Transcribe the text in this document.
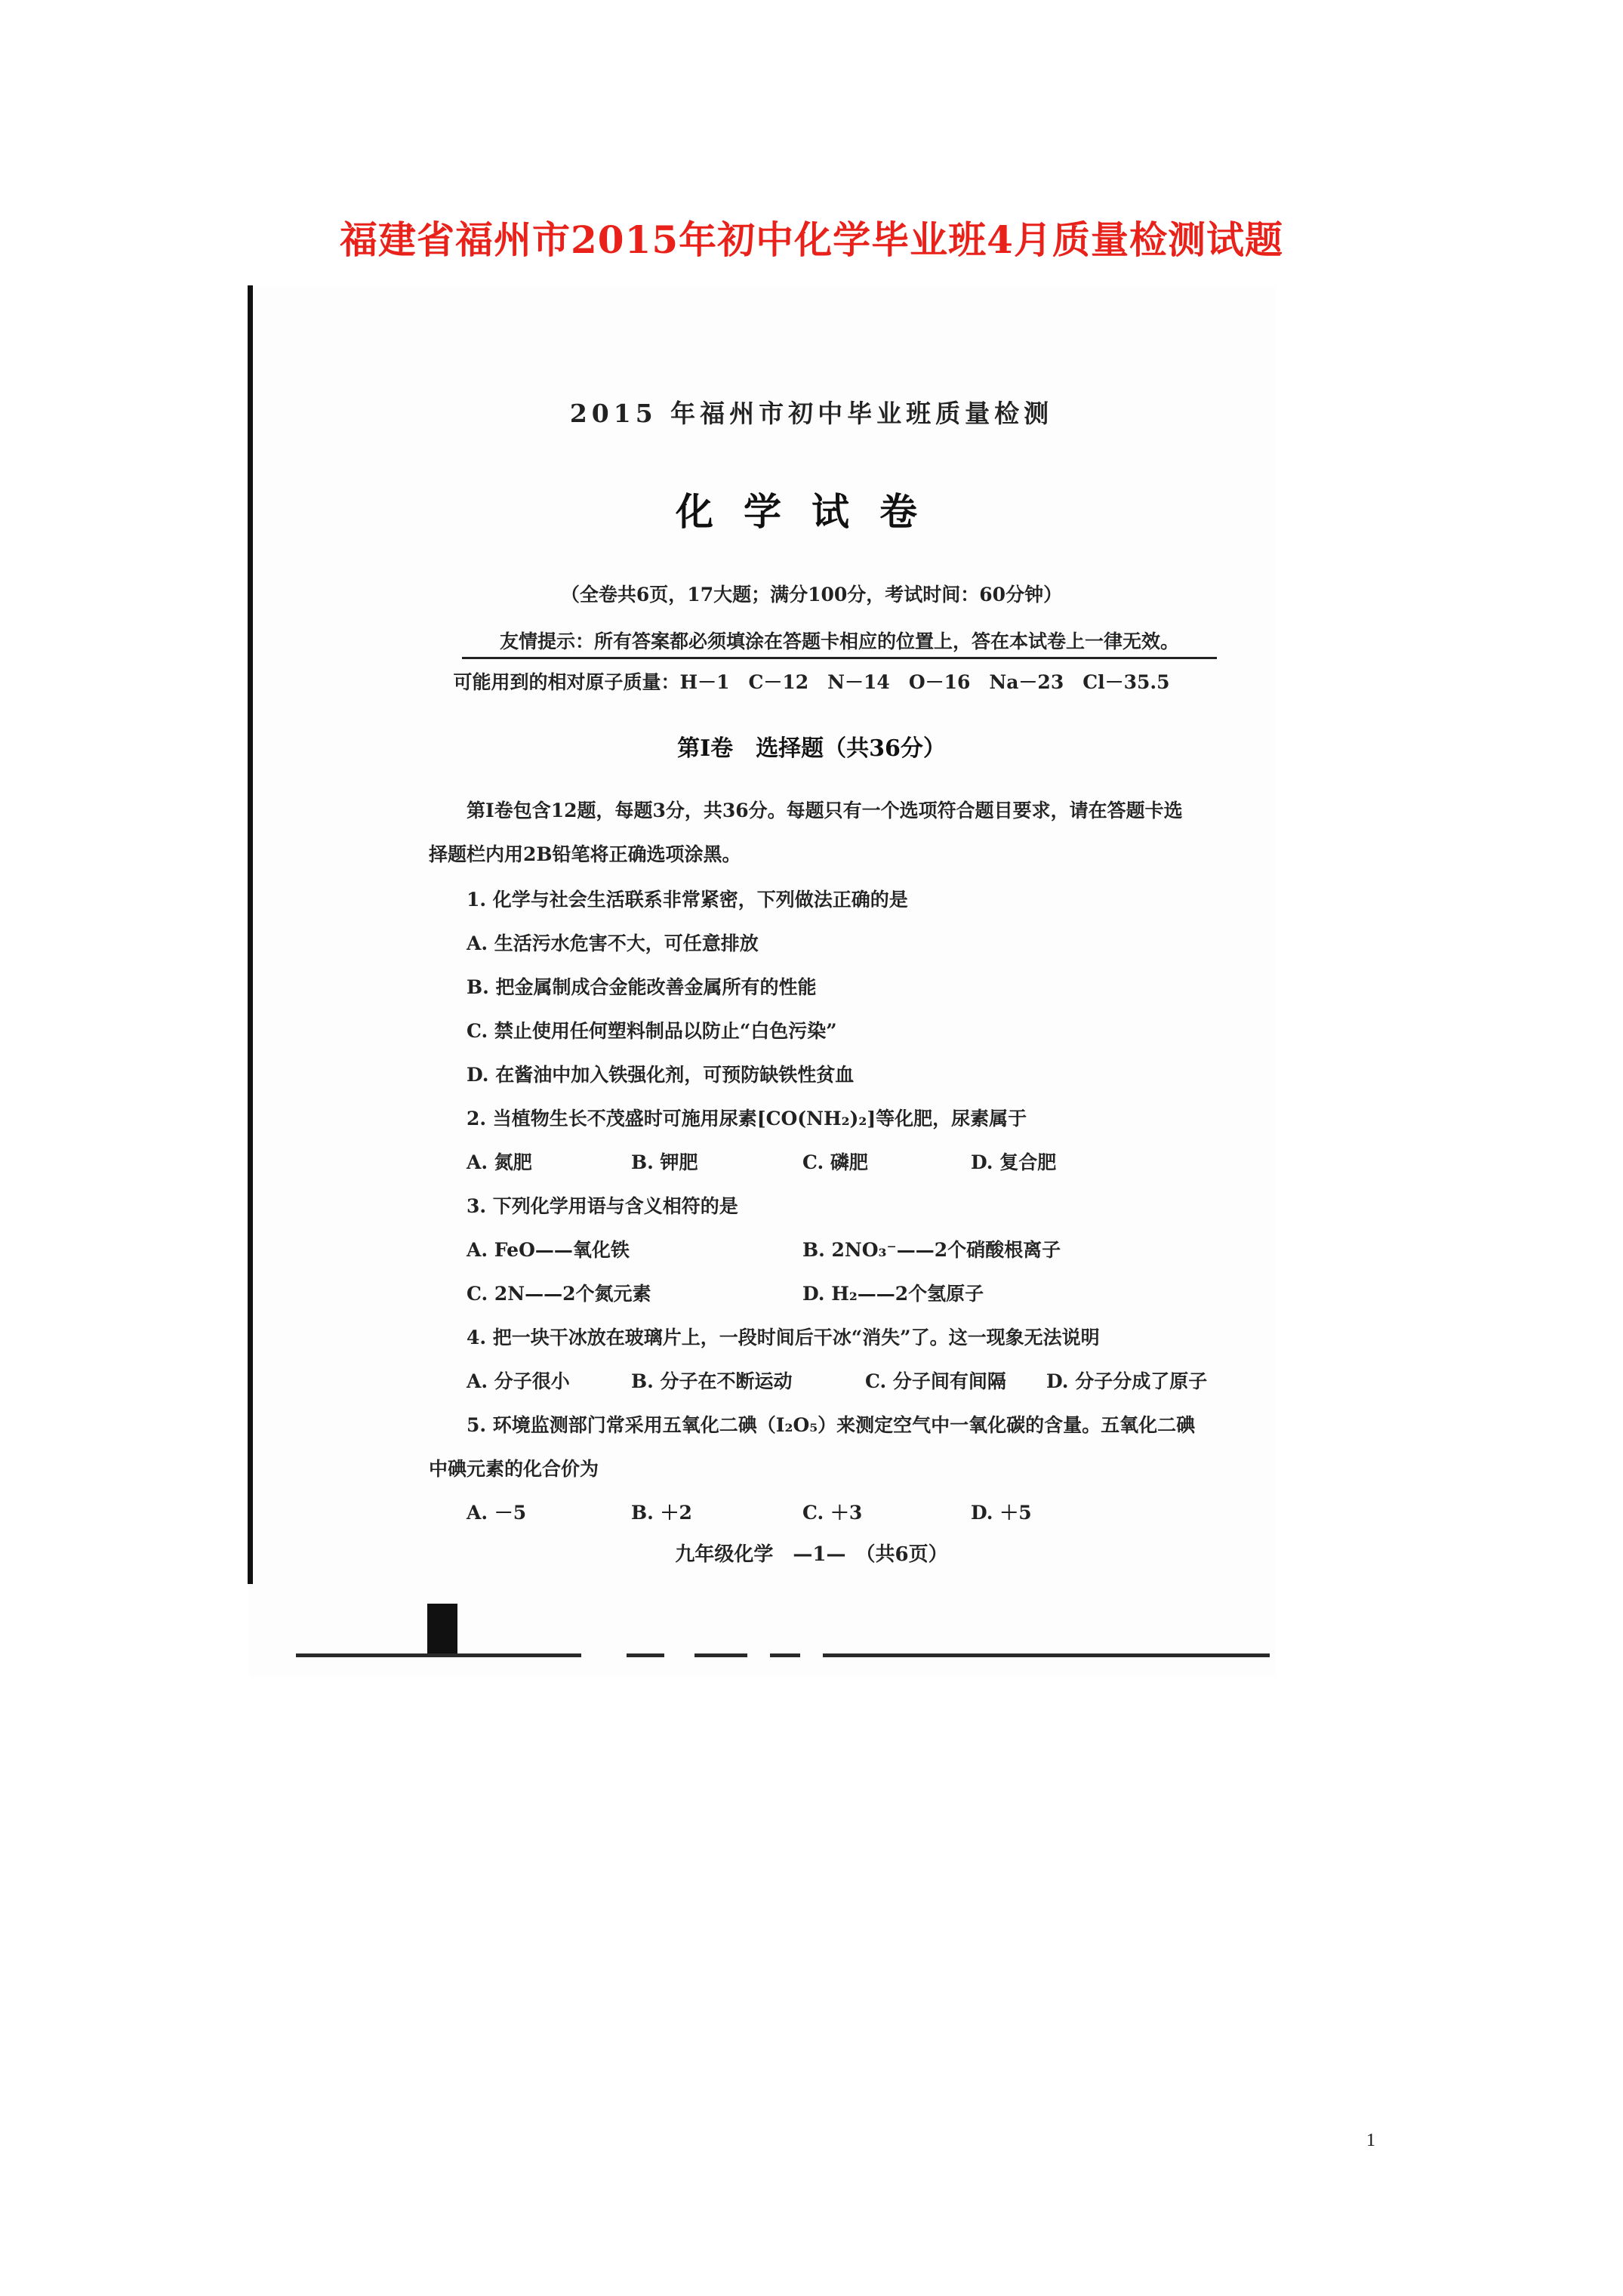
福建省福州市2015年初中化学毕业班4月质量检测试题
2015 年福州市初中毕业班质量检测
化学试卷
（全卷共6页，17大题；满分100分，考试时间：60分钟）
友情提示：所有答案都必须填涂在答题卡相应的位置上，答在本试卷上一律无效。
可能用到的相对原子质量：H－1　C－12　N－14　O－16　Na－23　Cl－35.5
第Ⅰ卷　选择题（共36分）
第Ⅰ卷包含12题，每题3分，共36分。每题只有一个选项符合题目要求，请在答题卡选
择题栏内用2B铅笔将正确选项涂黑。
1. 化学与社会生活联系非常紧密，下列做法正确的是
A. 生活污水危害不大，可任意排放
B. 把金属制成合金能改善金属所有的性能
C. 禁止使用任何塑料制品以防止“白色污染”
D. 在酱油中加入铁强化剂，可预防缺铁性贫血
2. 当植物生长不茂盛时可施用尿素[CO(NH₂)₂]等化肥，尿素属于
A. 氮肥	B. 钾肥	C. 磷肥	D. 复合肥
3. 下列化学用语与含义相符的是
A. FeO——氧化铁	B. 2NO₃⁻——2个硝酸根离子
C. 2N——2个氮元素	D. H₂——2个氢原子
4. 把一块干冰放在玻璃片上，一段时间后干冰“消失”了。这一现象无法说明
A. 分子很小	B. 分子在不断运动	C. 分子间有间隔 D. 分子分成了原子
5. 环境监测部门常采用五氧化二碘（I₂O₅）来测定空气中一氧化碳的含量。五氧化二碘
中碘元素的化合价为
A. －5	B. ＋2	C. ＋3	D. ＋5
九年级化学　—1—　（共6页）
1
